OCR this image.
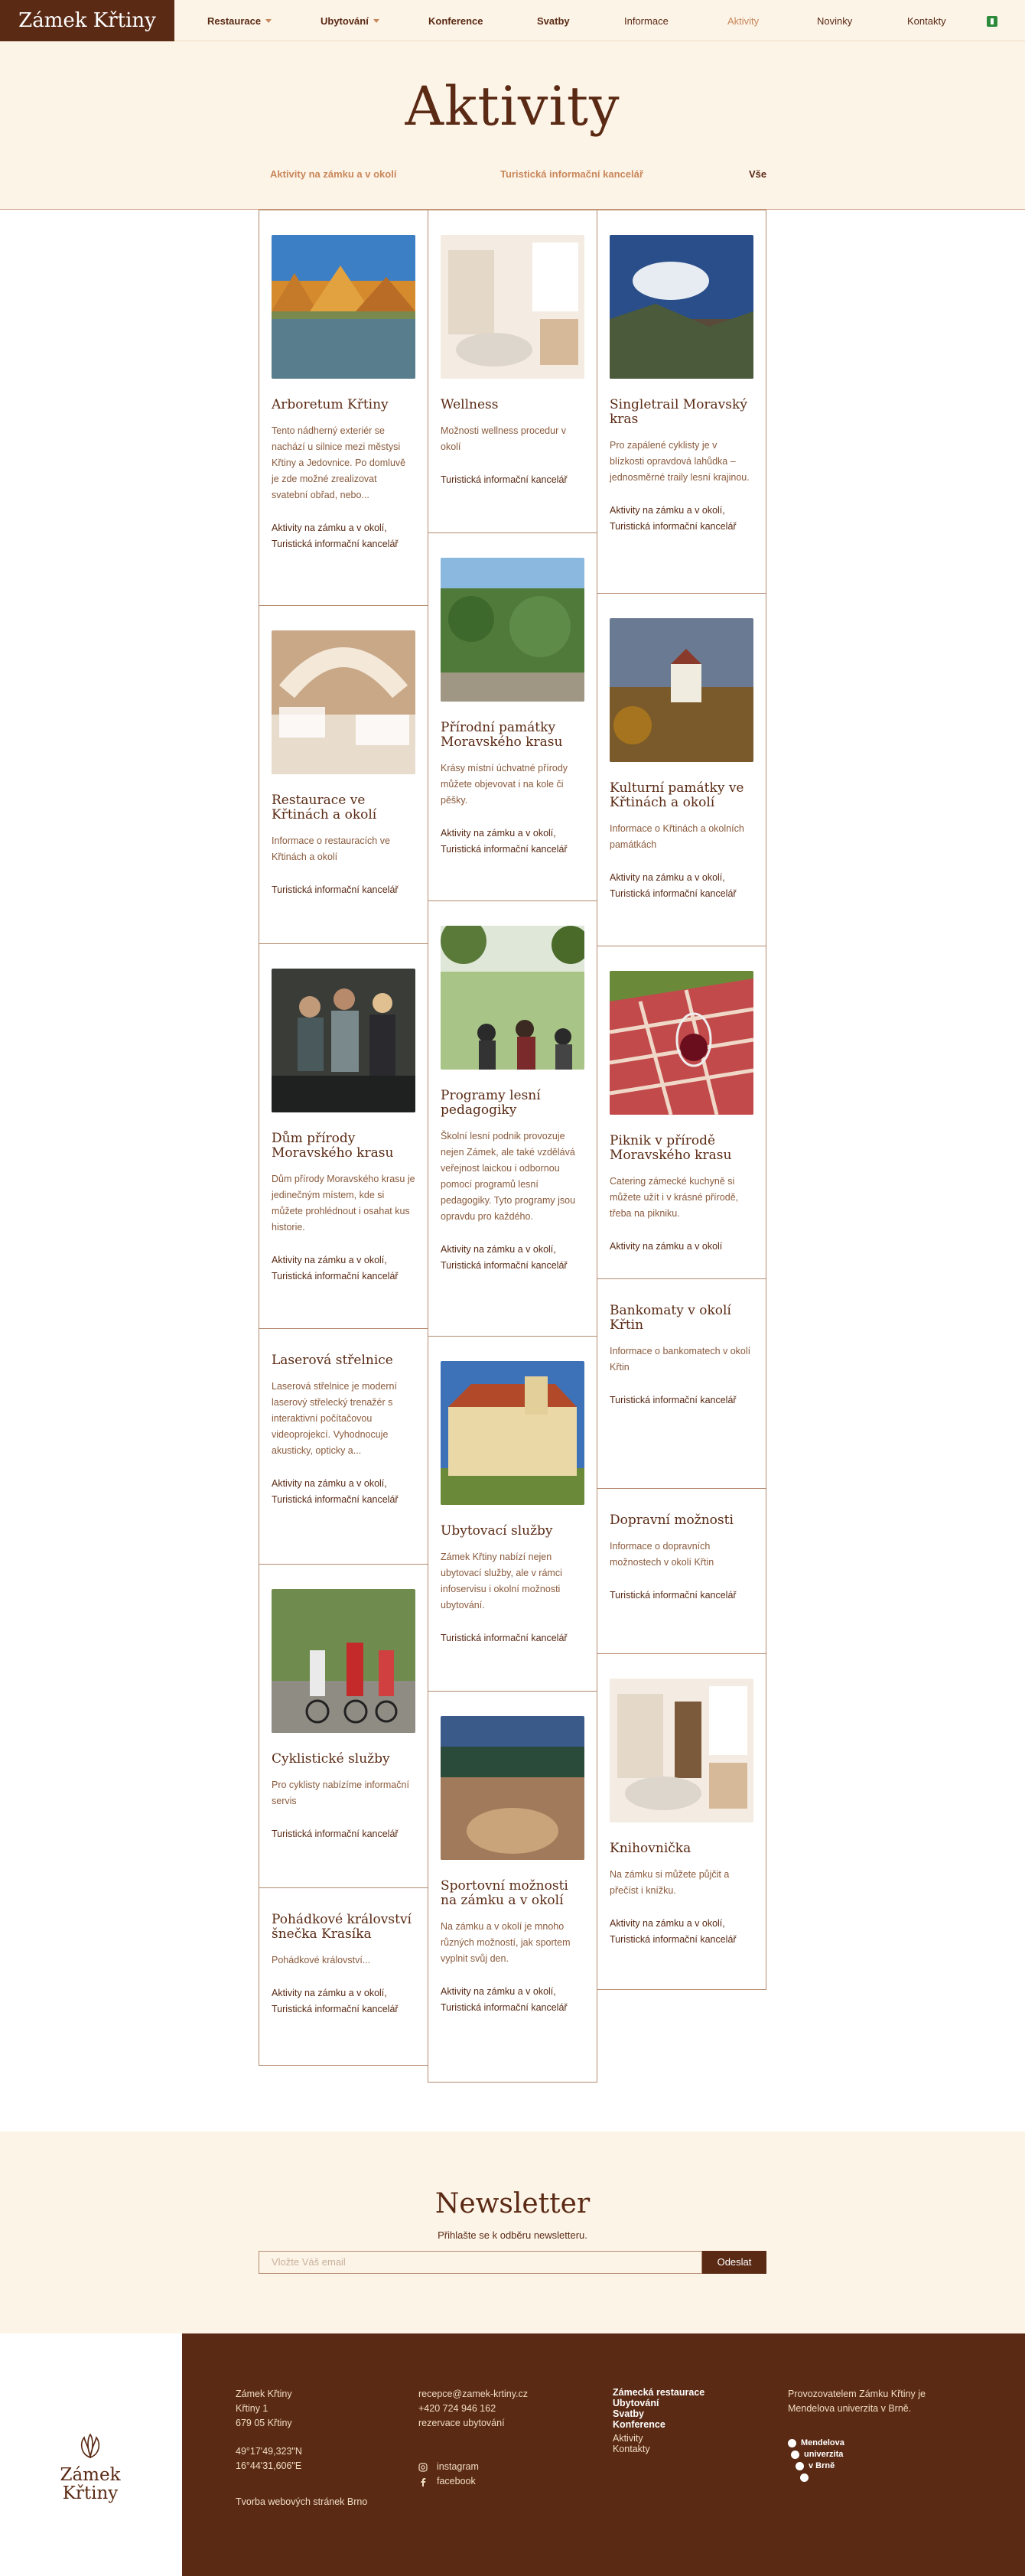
Zámek Křtiny	Restaurace	Ubytování	Konference	Svatby	Informace	Aktivity	Novinky	Kontakty
Aktivity
Aktivity na zámku a v okolí	Turistická informační kancelář	Vše
Arboretum Křtiny

Tento nádherný exteriér se nachází u silnice mezi městysi Křtiny a Jedovnice. Po domluvě je zde možné zrealizovat svatební obřad, nebo...

Aktivity na zámku a v okolí, Turistická informační kancelář
Restaurace ve Křtinách a okolí

Informace o restauracích ve Křtinách a okolí

Turistická informační kancelář
Dům přírody Moravského krasu

Dům přírody Moravského krasu je jedinečným místem, kde si můžete prohlédnout i osahat kus historie.

Aktivity na zámku a v okolí, Turistická informační kancelář
Laserová střelnice

Laserová střelnice je moderní laserový střelecký trenažér s interaktivní počítačovou videoprojekcí. Vyhodnocuje akusticky, opticky a...

Aktivity na zámku a v okolí, Turistická informační kancelář
Cyklistické služby

Pro cyklisty nabízíme informační servis

Turistická informační kancelář
Pohádkové království šnečka Krasíka

Pohádkové království...

Aktivity na zámku a v okolí, Turistická informační kancelář
Wellness

Možnosti wellness procedur v okolí

Turistická informační kancelář
Přírodní památky Moravského krasu

Krásy místní úchvatné přírody můžete objevovat i na kole či pěšky.

Aktivity na zámku a v okolí, Turistická informační kancelář
Programy lesní pedagogiky

Školní lesní podnik provozuje nejen Zámek, ale také vzdělává veřejnost laickou i odbornou pomocí programů lesní pedagogiky. Tyto programy jsou opravdu pro každého.

Aktivity na zámku a v okolí, Turistická informační kancelář
Ubytovací služby

Zámek Křtiny nabízí nejen ubytovací služby, ale v rámci infoservisu i okolní možnosti ubytování.

Turistická informační kancelář
Sportovní možnosti na zámku a v okolí

Na zámku a v okolí je mnoho různých možností, jak sportem vyplnit svůj den.

Aktivity na zámku a v okolí, Turistická informační kancelář
Singletrail Moravský kras

Pro zapálené cyklisty je v blízkosti opravdová lahůdka – jednosměrné traily lesní krajinou.

Aktivity na zámku a v okolí, Turistická informační kancelář
Kulturní památky ve Křtinách a okolí

Informace o Křtinách a okolních památkách

Aktivity na zámku a v okolí, Turistická informační kancelář
Piknik v přírodě Moravského krasu

Catering zámecké kuchyně si můžete užít i v krásné přírodě, třeba na pikniku.

Aktivity na zámku a v okolí
Bankomaty v okolí Křtin

Informace o bankomatech v okolí Křtin

Turistická informační kancelář
Dopravní možnosti

Informace o dopravních možnostech v okolí Křtin

Turistická informační kancelář
Knihovnička

Na zámku si můžete půjčit a přečíst i knížku.

Aktivity na zámku a v okolí, Turistická informační kancelář
Newsletter
Přihlašte se k odběru newsletteru.
Vložte Váš email	Odeslat
Zámek Křtiny
Zámek Křtiny
Křtiny 1
679 05 Křtiny
49°17'49,323"N
16°44'31,606"E
Tvorba webových stránek Brno
recepce@zamek-krtiny.cz
+420 724 946 162
rezervace ubytování
instagram
facebook
Zámecká restaurace
Ubytování
Svatby
Konference
Aktivity
Kontakty
Provozovatelem Zámku Křtiny je Mendelova univerzita v Brně.
Mendelova
univerzita
v Brně
